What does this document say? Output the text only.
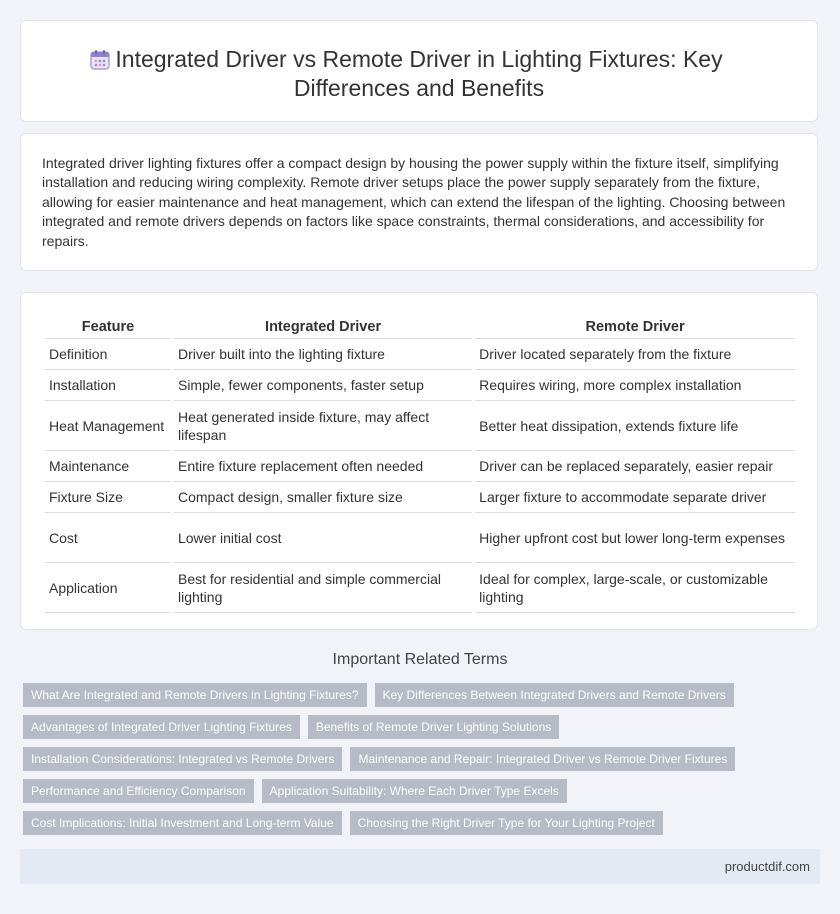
Integrated Driver vs Remote Driver in Lighting Fixtures: Key
Differences and Benefits

Integrated driver lighting fixtures offer a compact design by housing the power supply within the fixture itself, simplifying installation and reducing wiring complexity. Remote driver setups place the power supply separately from the fixture, allowing for easier maintenance and heat management, which can extend the lifespan of the lighting. Choosing between integrated and remote drivers depends on factors like space constraints, thermal considerations, and accessibility for repairs.

Feature	Integrated Driver	Remote Driver
Definition	Driver built into the lighting fixture	Driver located separately from the fixture
Installation	Simple, fewer components, faster setup	Requires wiring, more complex installation
Heat Management	Heat generated inside fixture, may affect lifespan	Better heat dissipation, extends fixture life
Maintenance	Entire fixture replacement often needed	Driver can be replaced separately, easier repair
Fixture Size	Compact design, smaller fixture size	Larger fixture to accommodate separate driver
Cost	Lower initial cost	Higher upfront cost but lower long-term expenses
Application	Best for residential and simple commercial lighting	Ideal for complex, large-scale, or customizable lighting
Important Related Terms
What Are Integrated and Remote Drivers in Lighting Fixtures?	Key Differences Between Integrated Drivers and Remote Drivers
Advantages of Integrated Driver Lighting Fixtures	Benefits of Remote Driver Lighting Solutions
Installation Considerations: Integrated vs Remote Drivers	Maintenance and Repair: Integrated Driver vs Remote Driver Fixtures
Performance and Efficiency Comparison	Application Suitability: Where Each Driver Type Excels
Cost Implications: Initial Investment and Long-term Value	Choosing the Right Driver Type for Your Lighting Project
productdif.com
